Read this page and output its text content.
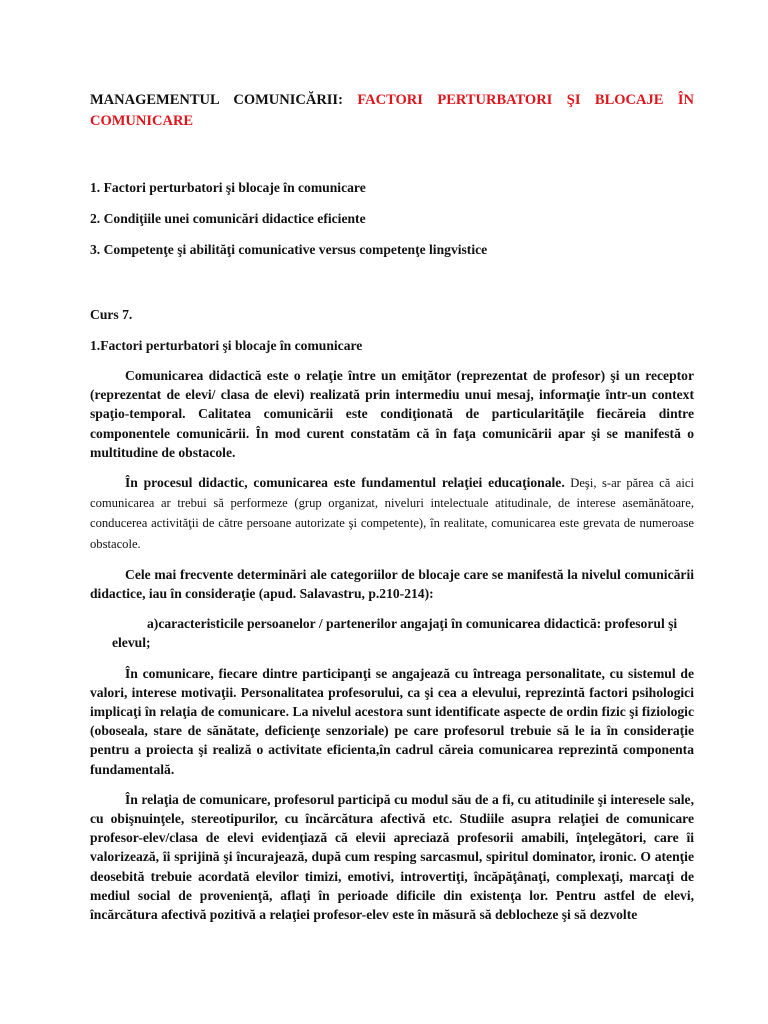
MANAGEMENTUL COMUNICĂRII: FACTORI PERTURBATORI ŞI BLOCAJE ÎN COMUNICARE
1. Factori perturbatori şi blocaje în comunicare
2. Condiţiile unei comunicări didactice eficiente
3. Competenţe şi abilităţi comunicative versus competenţe lingvistice
Curs 7.
1.Factori perturbatori şi blocaje în comunicare

Comunicarea didactică este o relaţie între un emiţător (reprezentat de profesor) şi un receptor (reprezentat de elevi/ clasa de elevi) realizată prin intermediu unui mesaj, informaţie într-un context spaţio-temporal. Calitatea comunicării este condiţionată de particularităţile fiecăreia dintre componentele comunicării. În mod curent constatăm că în faţa comunicării apar şi se manifestă o multitudine de obstacole.

În procesul didactic, comunicarea este fundamentul relaţiei educaţionale. Deşi, s-ar părea că aici comunicarea ar trebui să performeze (grup organizat, niveluri intelectuale atitudinale, de interese asemănătoare, conducerea activităţii de către persoane autorizate şi competente), în realitate, comunicarea este grevata de numeroase obstacole.

Cele mai frecvente determinări ale categoriilor de blocaje care se manifestă la nivelul comunicării didactice, iau în consideraţie (apud. Salavastru, p.210-214):

a)caracteristicile persoanelor / partenerilor angajaţi în comunicarea didactică: profesorul şi elevul;

În comunicare, fiecare dintre participanţi se angajează cu întreaga personalitate, cu sistemul de valori, interese motivaţii. Personalitatea profesorului, ca şi cea a elevului, reprezintă factori psihologici implicaţi în relaţia de comunicare. La nivelul acestora sunt identificate aspecte de ordin fizic şi fiziologic (oboseala, stare de sănătate, deficienţe senzoriale) pe care profesorul trebuie să le ia în consideraţie pentru a proiecta şi realiză o activitate eficienta,în cadrul căreia comunicarea reprezintă componenta fundamentală.

În relaţia de comunicare, profesorul participă cu modul său de a fi, cu atitudinile şi interesele sale, cu obişnuinţele, stereotipurilor, cu încărcătura afectivă etc. Studiile asupra relaţiei de comunicare profesor-elev/clasa de elevi evidenţiază că elevii apreciază profesorii amabili, înţelegători, care îi valorizează, îi sprijină şi încurajează, după cum resping sarcasmul, spiritul dominator, ironic. O atenţie deosebită trebuie acordată elevilor timizi, emotivi, introvertiţi, încăpăţânaţi, complexaţi, marcaţi de mediul social de provenienţă, aflaţi în perioade dificile din existenţa lor. Pentru astfel de elevi, încărcătura afectivă pozitivă a relaţiei profesor-elev este în măsură să deblocheze şi să dezvolte
